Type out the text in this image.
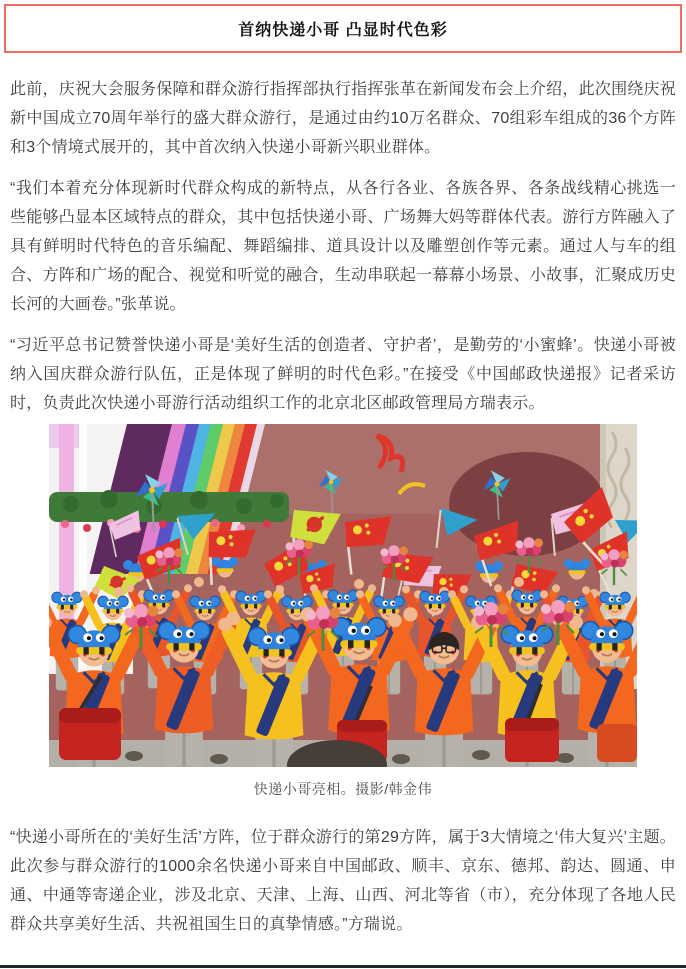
首纳快递小哥 凸显时代色彩

此前，庆祝大会服务保障和群众游行指挥部执行指挥张革在新闻发布会上介绍，此次围绕庆祝新中国成立70周年举行的盛大群众游行，是通过由约10万名群众、70组彩车组成的36个方阵和3个情境式展开的，其中首次纳入快递小哥新兴职业群体。

“我们本着充分体现新时代群众构成的新特点，从各行各业、各族各界、各条战线精心挑选一些能够凸显本区域特点的群众，其中包括快递小哥、广场舞大妈等群体代表。游行方阵融入了具有鲜明时代特色的音乐编配、舞蹈编排、道具设计以及雕塑创作等元素。通过人与车的组合、方阵和广场的配合、视觉和听觉的融合，生动串联起一幕幕小场景、小故事，汇聚成历史长河的大画卷。”张革说。

“习近平总书记赞誉快递小哥是‘美好生活的创造者、守护者’，是勤劳的‘小蜜蜂’。快递小哥被纳入国庆群众游行队伍，正是体现了鲜明的时代色彩。”在接受《中国邮政快递报》记者采访时，负责此次快递小哥游行活动组织工作的北京北区邮政管理局方瑞表示。

快递小哥亮相。摄影/韩金伟

“快递小哥所在的‘美好生活’方阵，位于群众游行的第29方阵，属于3大情境之‘伟大复兴’主题。此次参与群众游行的1000余名快递小哥来自中国邮政、顺丰、京东、德邦、韵达、圆通、申通、中通等寄递企业，涉及北京、天津、上海、山西、河北等省（市），充分体现了各地人民群众共享美好生活、共祝祖国生日的真挚情感。”方瑞说。
